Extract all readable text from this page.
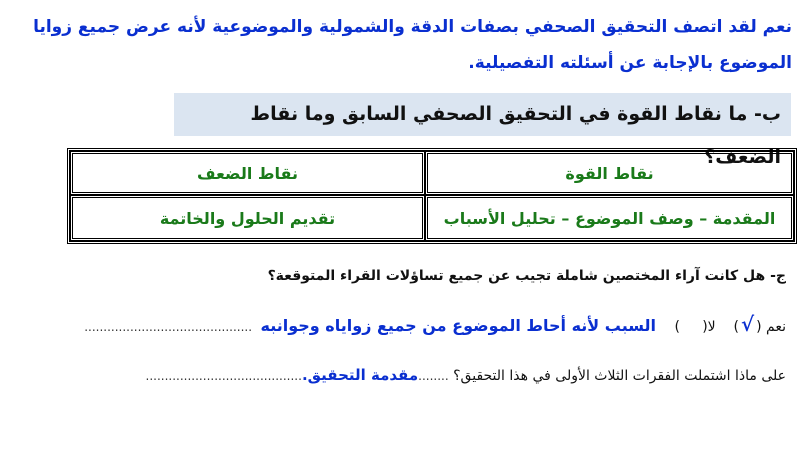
نعم لقد اتصف التحقيق الصحفي بصفات الدقة والشمولية والموضوعية لأنه عرض جميع زوايا
الموضوع بالإجابة عن أسئلته التفصيلية.
ب- ما نقاط القوة في التحقيق الصحفي السابق وما نقاط الضعف؟
نقاط القوة	نقاط الضعف
المقدمة – وصف الموضوع – تحليل الأسباب	تقديم الحلول والخاتمة
ج- هل كانت آراء المختصين شاملة تجيب عن جميع تساؤلات القراء المتوقعة؟
نعم (√)    لا(     ) السبب لأنه أحاط الموضوع من جميع زواياه وجوانبه ............................................
على ماذا اشتملت الفقرات الثلاث الأولى في هذا التحقيق؟ ........مقدمة التحقيق..........................................
